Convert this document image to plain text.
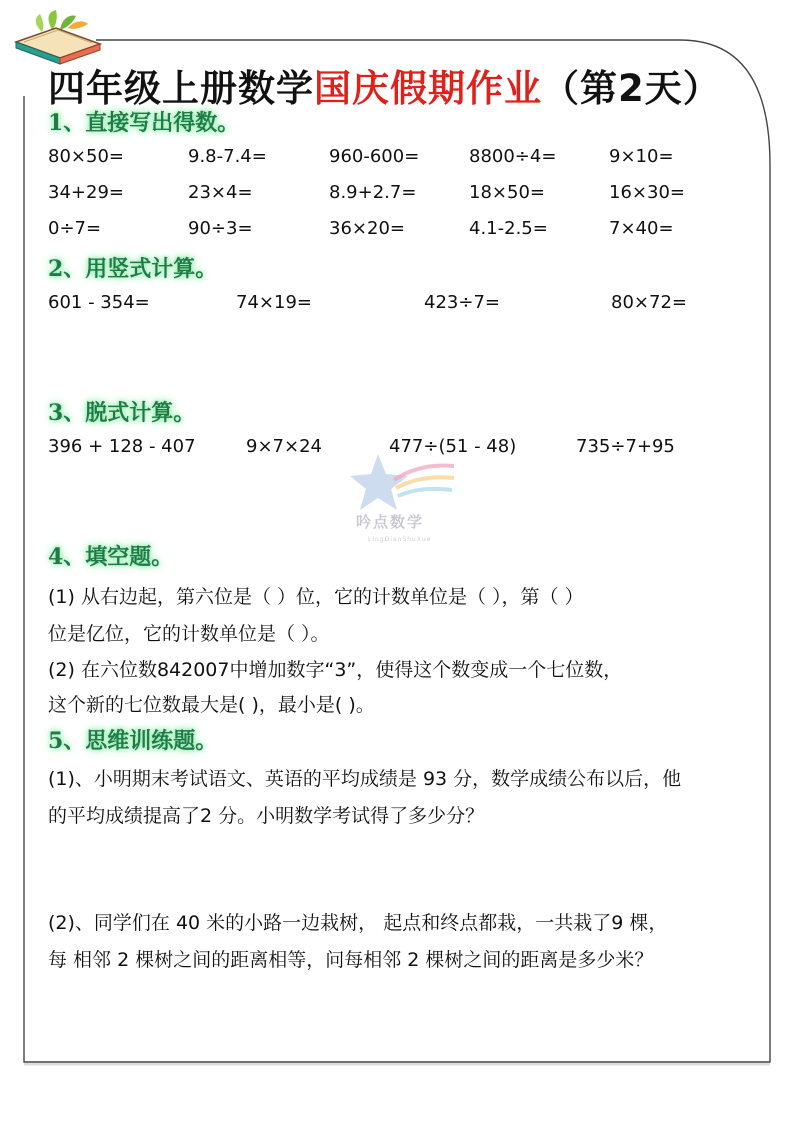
四年级上册数学国庆假期作业（第2天）
1、直接写出得数。
80×50=	9.8-7.4=	960-600=	8800÷4=	9×10=
34+29=	23×4=	8.9+2.7=	18×50=	16×30=
0÷7=	90÷3=	36×20=	4.1-2.5=	7×40=
2、用竖式计算。
601 - 354=	74×19=	423÷7=	80×72=
3、脱式计算。
396 + 128 - 407	9×7×24	477÷(51 - 48)	735÷7+95
吟点数学
LingDianShuXue
4、填空题。
(1) 从右边起，第六位是（ ）位，它的计数单位是（ ），第（ ）
位是亿位，它的计数单位是（ ）。
(2) 在六位数842007中增加数字“3”，使得这个数变成一个七位数，
这个新的七位数最大是( )，最小是( )。
5、思维训练题。
(1)、小明期末考试语文、英语的平均成绩是 93 分，数学成绩公布以后，他
的平均成绩提高了2 分。小明数学考试得了多少分？
(2)、同学们在 40 米的小路一边栽树， 起点和终点都栽，一共栽了9 棵，
每 相邻 2 棵树之间的距离相等，问每相邻 2 棵树之间的距离是多少米？
